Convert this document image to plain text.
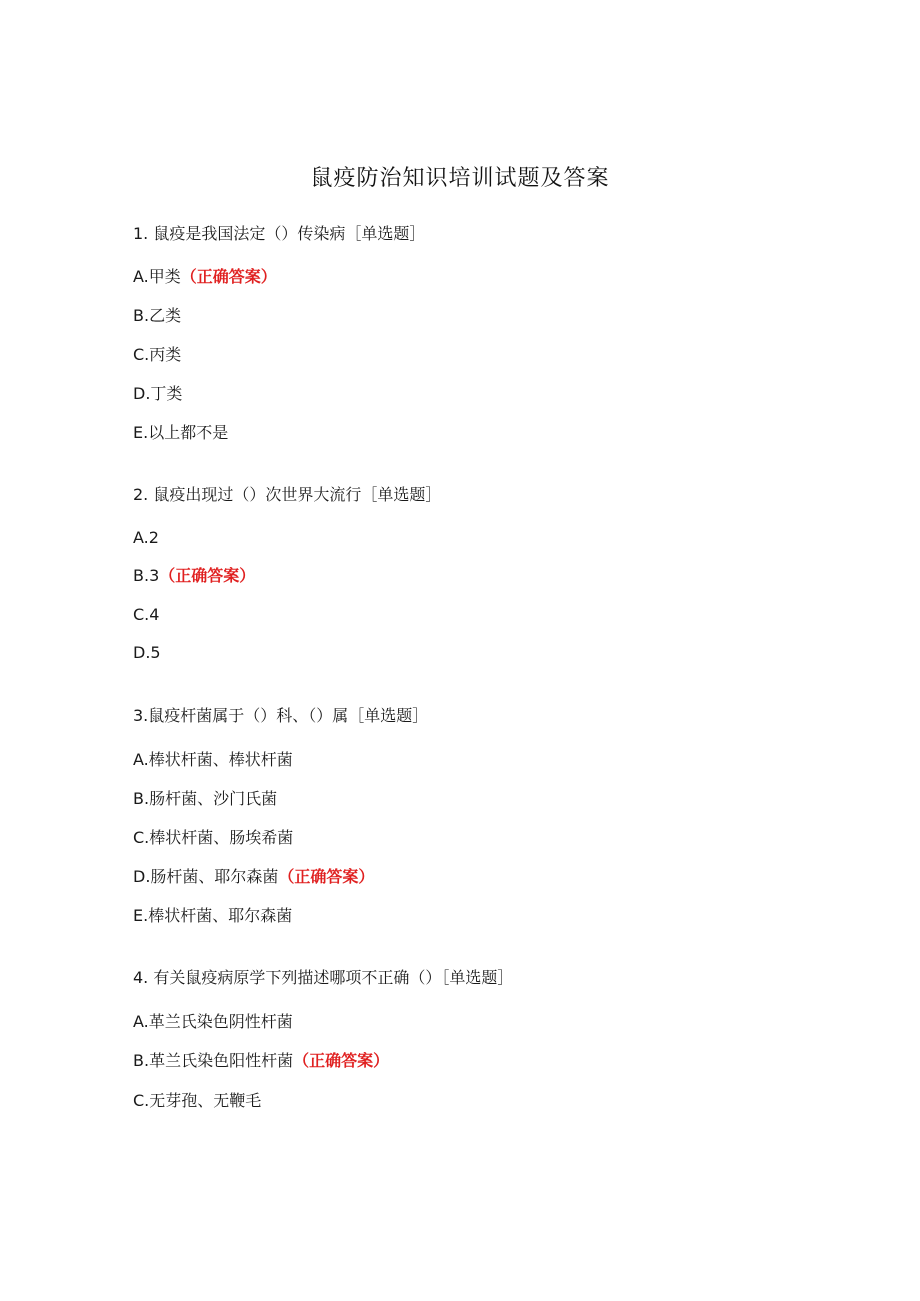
鼠疫防治知识培训试题及答案
1. 鼠疫是我国法定（）传染病［单选题］
A.甲类（正确答案）
B.乙类
C.丙类
D.丁类
E.以上都不是
2. 鼠疫出现过（）次世界大流行［单选题］
A.2
B.3（正确答案）
C.4
D.5
3.鼠疫杆菌属于（）科、（）属［单选题］
A.棒状杆菌、棒状杆菌
B.肠杆菌、沙门氏菌
C.棒状杆菌、肠埃希菌
D.肠杆菌、耶尔森菌（正确答案）
E.棒状杆菌、耶尔森菌
4. 有关鼠疫病原学下列描述哪项不正确（）［单选题］
A.革兰氏染色阴性杆菌
B.革兰氏染色阳性杆菌（正确答案）
C.无芽孢、无鞭毛
